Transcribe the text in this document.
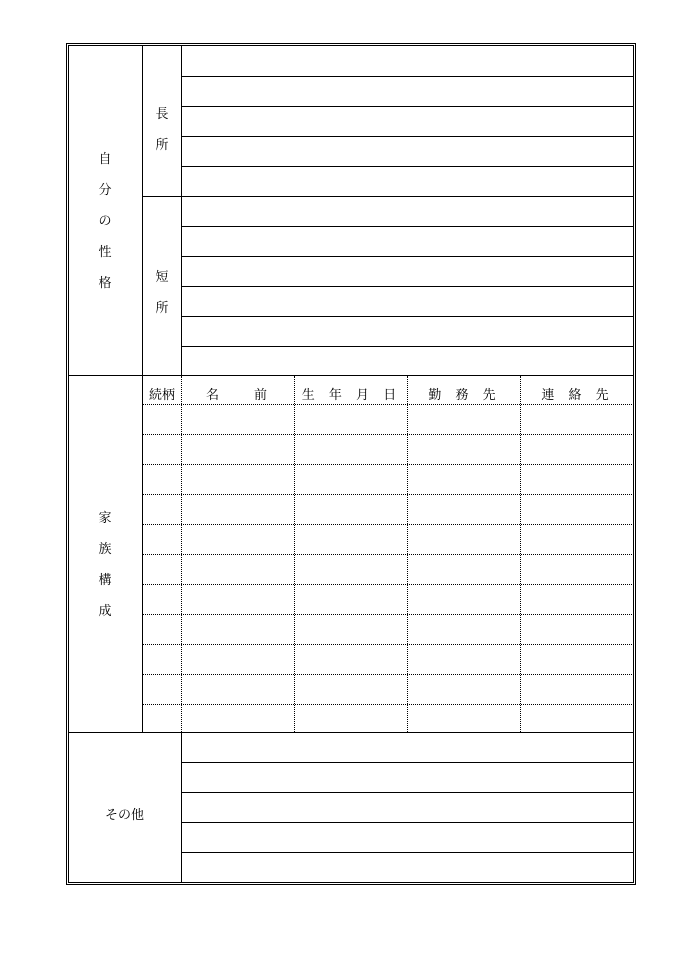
自分の性格
長所
短所
続柄	名　　前	生 年 月 日	勤 務 先	連 絡 先
家族構成
その他
